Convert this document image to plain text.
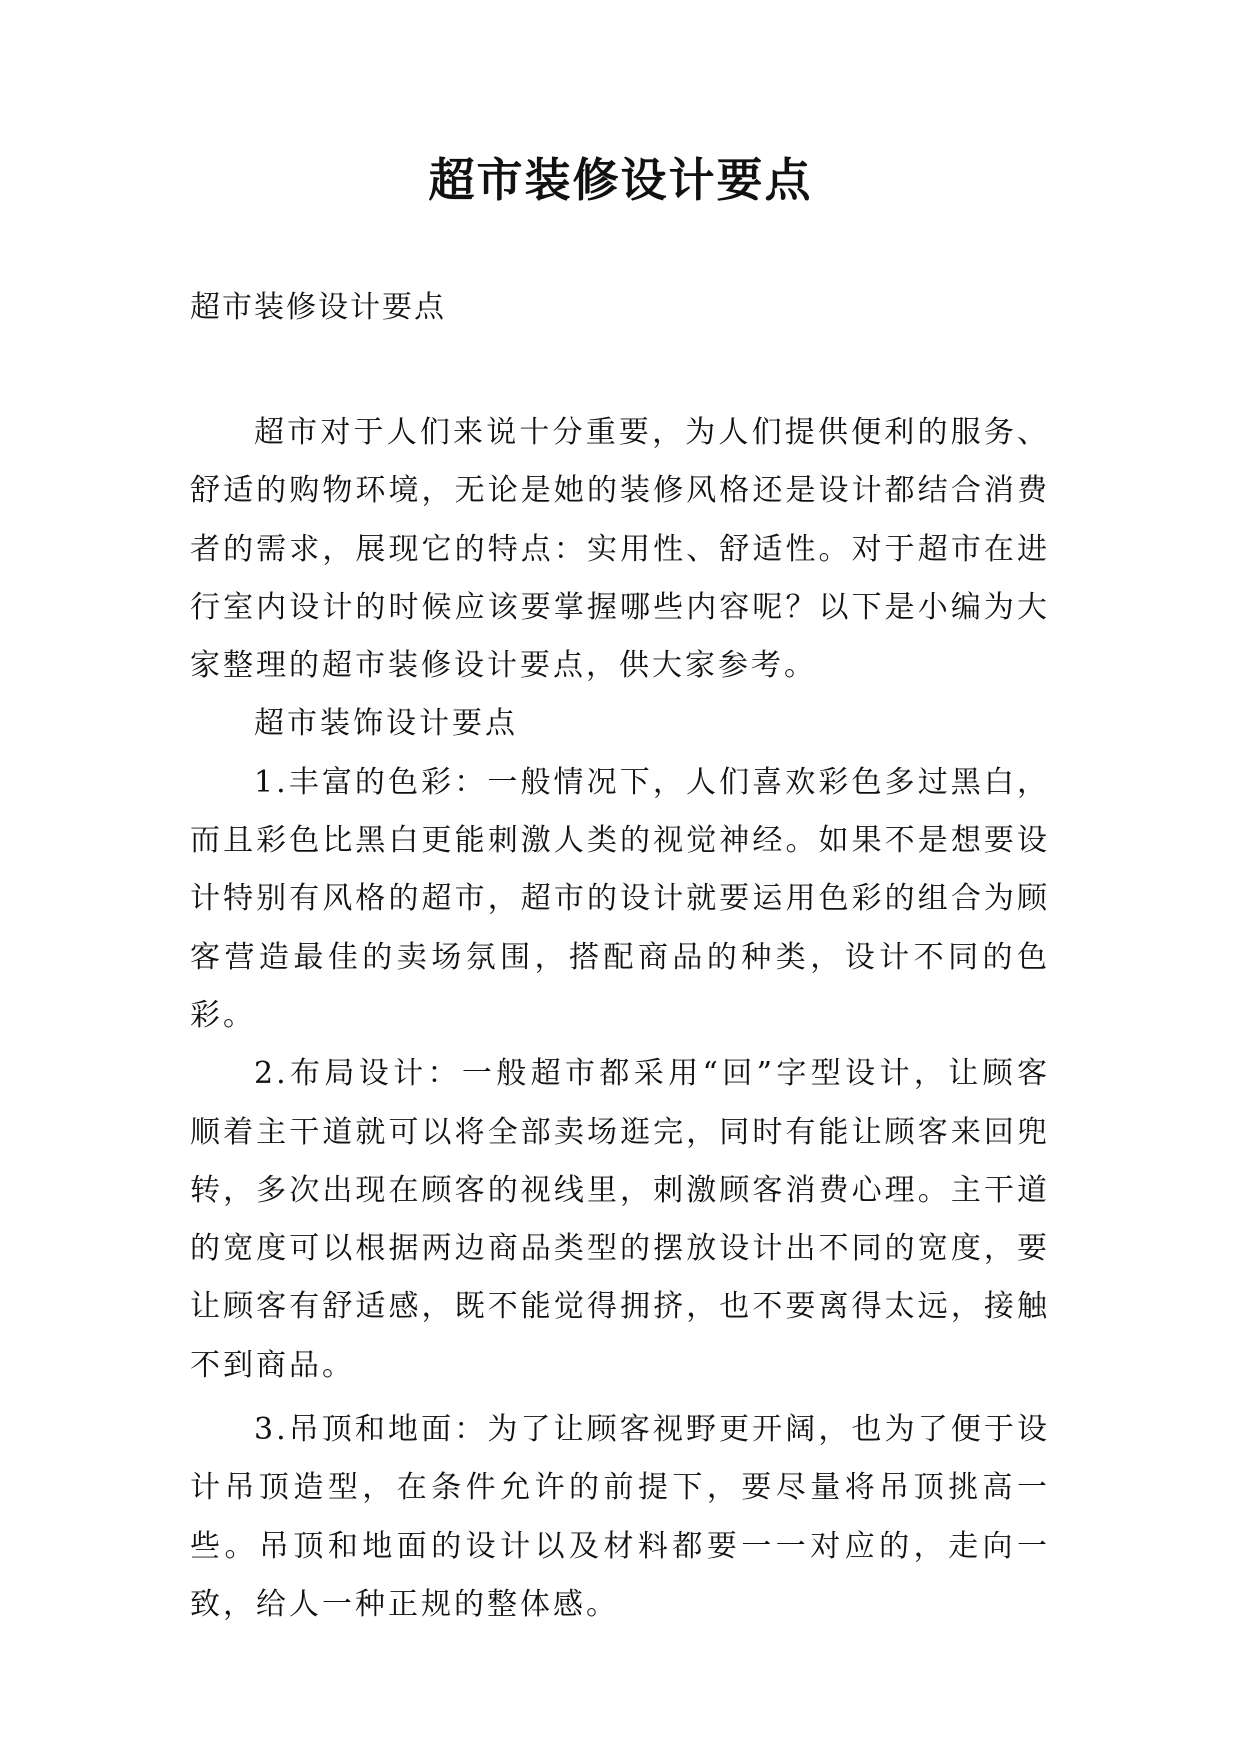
超市装修设计要点
超市装修设计要点

超市对于人们来说十分重要，为人们提供便利的服务、舒适的购物环境，无论是她的装修风格还是设计都结合消费者的需求，展现它的特点：实用性、舒适性。对于超市在进行室内设计的时候应该要掌握哪些内容呢？以下是小编为大家整理的超市装修设计要点，供大家参考。

超市装饰设计要点

1.丰富的色彩：一般情况下，人们喜欢彩色多过黑白，而且彩色比黑白更能刺激人类的视觉神经。如果不是想要设计特别有风格的超市，超市的设计就要运用色彩的组合为顾客营造最佳的卖场氛围，搭配商品的种类，设计不同的色彩。

2.布局设计：一般超市都采用“回”字型设计，让顾客顺着主干道就可以将全部卖场逛完，同时有能让顾客来回兜转，多次出现在顾客的视线里，刺激顾客消费心理。主干道的宽度可以根据两边商品类型的摆放设计出不同的宽度，要让顾客有舒适感，既不能觉得拥挤，也不要离得太远，接触不到商品。

3.吊顶和地面：为了让顾客视野更开阔，也为了便于设计吊顶造型，在条件允许的前提下，要尽量将吊顶挑高一些。吊顶和地面的设计以及材料都要一一对应的，走向一致，给人一种正规的整体感。
